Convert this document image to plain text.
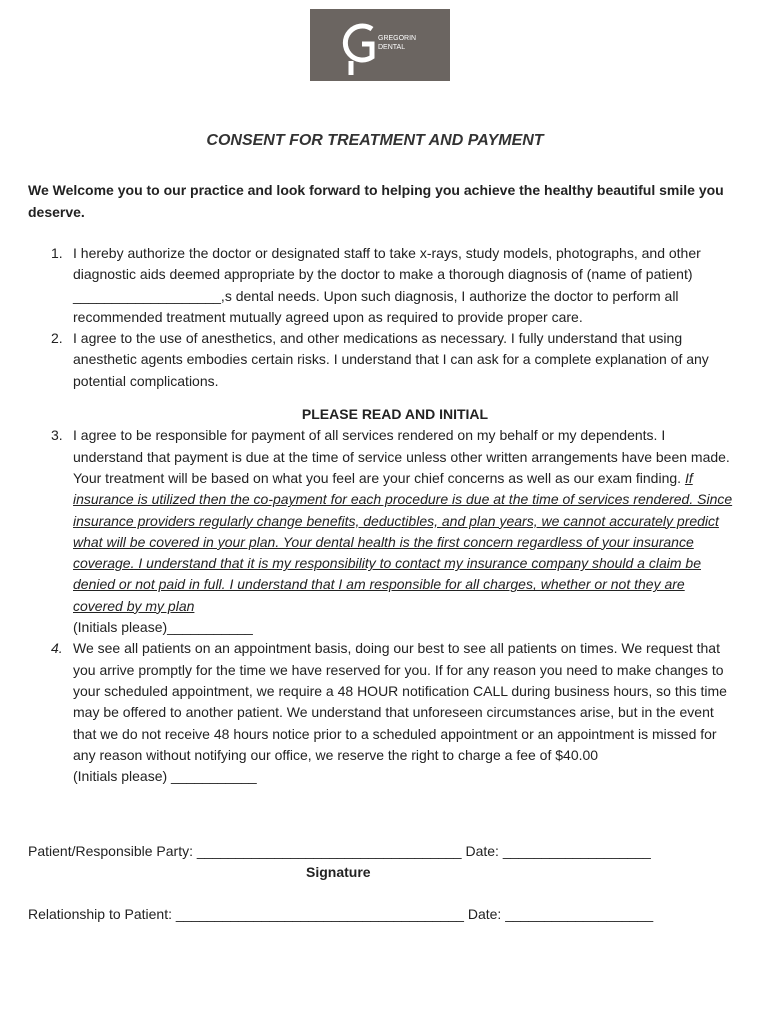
GREGORIN
DENTAL
CONSENT FOR TREATMENT AND PAYMENT
We Welcome you to our practice and look forward to helping you achieve the healthy beautiful smile you deserve.
1. I hereby authorize the doctor or designated staff to take x-rays, study models, photographs, and other diagnostic aids deemed appropriate by the doctor to make a thorough diagnosis of (name of patient) ___________________,s dental needs. Upon such diagnosis, I authorize the doctor to perform all recommended treatment mutually agreed upon as required to provide proper care.
2. I agree to the use of anesthetics, and other medications as necessary. I fully understand that using anesthetic agents embodies certain risks. I understand that I can ask for a complete explanation of any potential complications.
PLEASE READ AND INITIAL
3. I agree to be responsible for payment of all services rendered on my behalf or my dependents. I understand that payment is due at the time of service unless other written arrangements have been made. Your treatment will be based on what you feel are your chief concerns as well as our exam finding. If insurance is utilized then the co-payment for each procedure is due at the time of services rendered. Since insurance providers regularly change benefits, deductibles, and plan years, we cannot accurately predict what will be covered in your plan. Your dental health is the first concern regardless of your insurance coverage. I understand that it is my responsibility to contact my insurance company should a claim be denied or not paid in full. I understand that I am responsible for all charges, whether or not they are covered by my plan
(Initials please)___________
4. We see all patients on an appointment basis, doing our best to see all patients on times. We request that you arrive promptly for the time we have reserved for you. If for any reason you need to make changes to your scheduled appointment, we require a 48 HOUR notification CALL during business hours, so this time may be offered to another patient. We understand that unforeseen circumstances arise, but in the event that we do not receive 48 hours notice prior to a scheduled appointment or an appointment is missed for any reason without notifying our office, we reserve the right to charge a fee of $40.00
(Initials please) ___________
Patient/Responsible Party: __________________________________ Date: ___________________
Signature
Relationship to Patient: _____________________________________ Date: ___________________
